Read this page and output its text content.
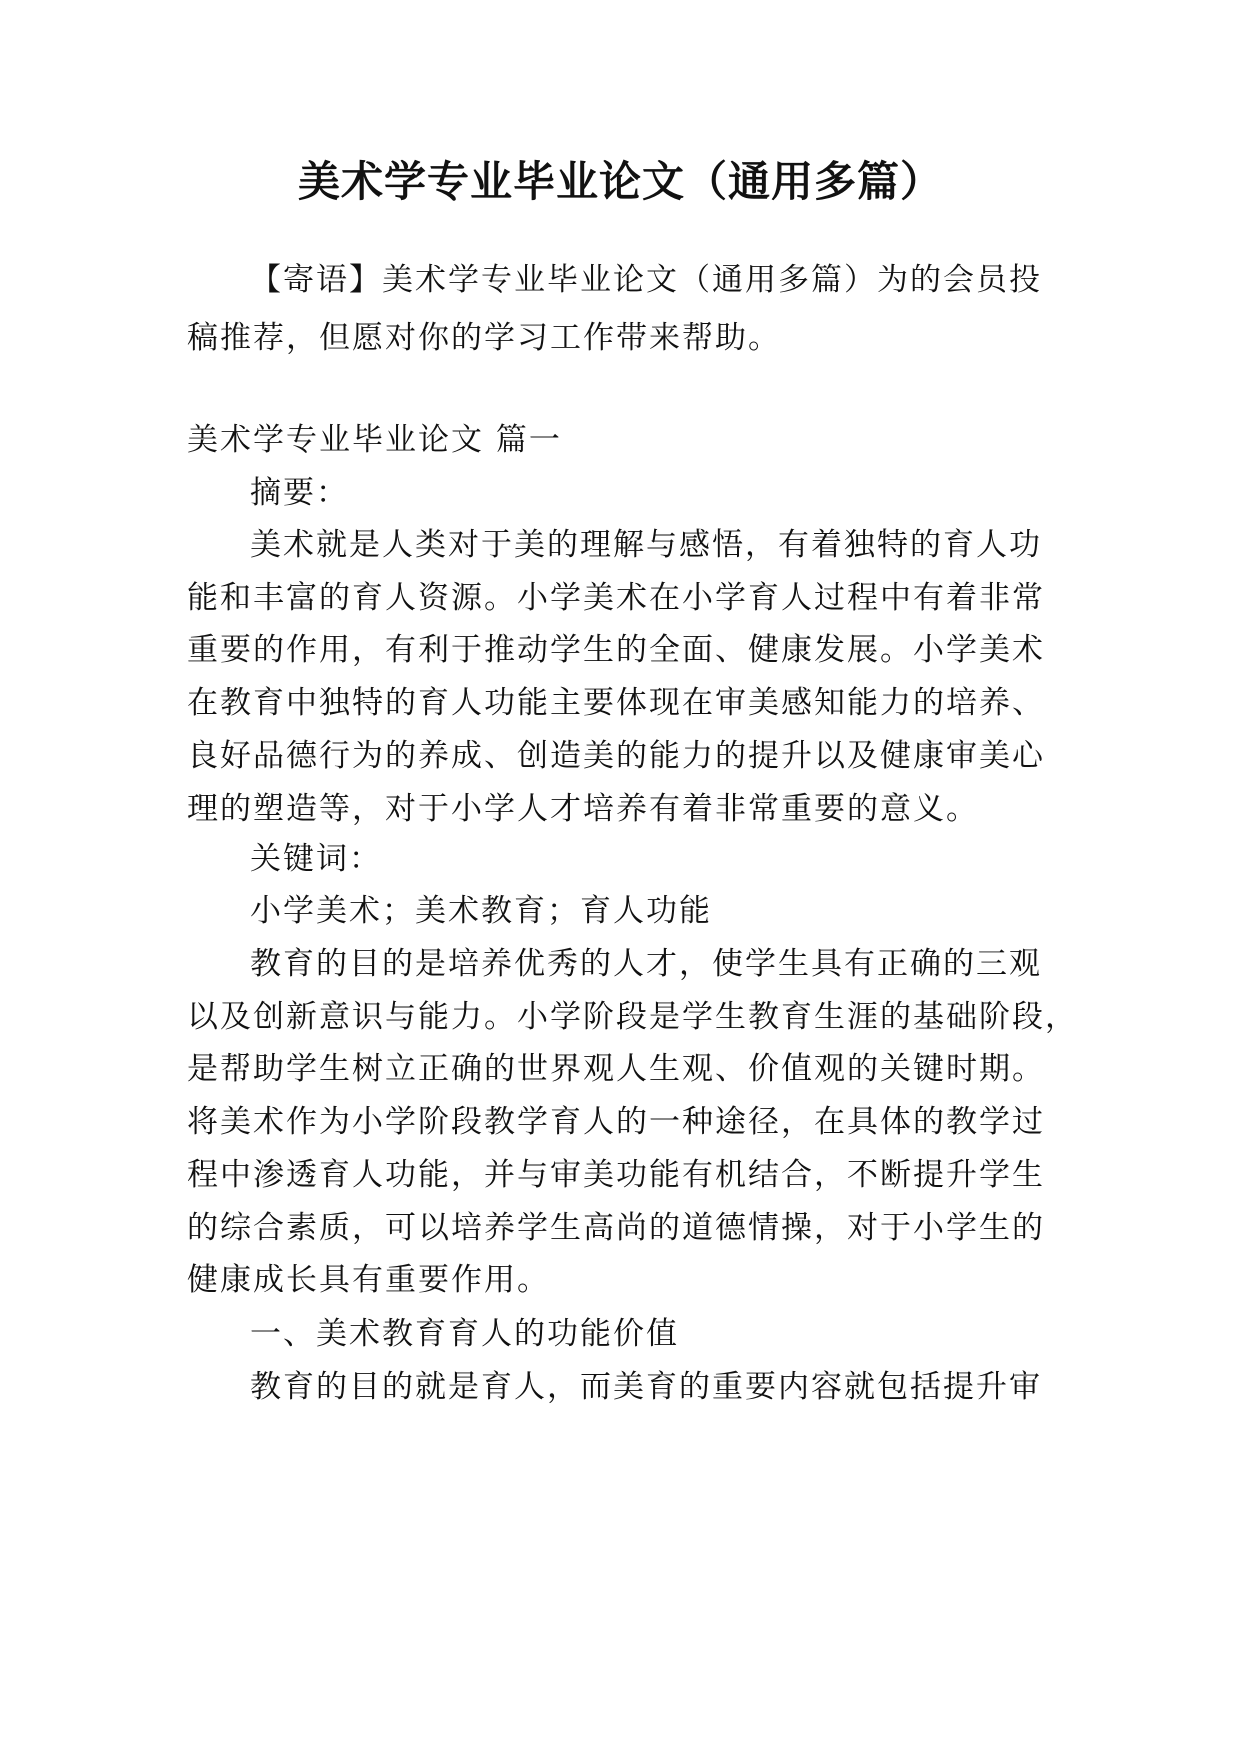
美术学专业毕业论文（通用多篇）
【寄语】美术学专业毕业论文（通用多篇）为的会员投
稿推荐，但愿对你的学习工作带来帮助。
美术学专业毕业论文 篇一
摘要：
美术就是人类对于美的理解与感悟，有着独特的育人功
能和丰富的育人资源。小学美术在小学育人过程中有着非常
重要的作用，有利于推动学生的全面、健康发展。小学美术
在教育中独特的育人功能主要体现在审美感知能力的培养、
良好品德行为的养成、创造美的能力的提升以及健康审美心
理的塑造等，对于小学人才培养有着非常重要的意义。
关键词：
小学美术；美术教育；育人功能
教育的目的是培养优秀的人才，使学生具有正确的三观
以及创新意识与能力。小学阶段是学生教育生涯的基础阶段，
是帮助学生树立正确的世界观人生观、价值观的关键时期。
将美术作为小学阶段教学育人的一种途径，在具体的教学过
程中渗透育人功能，并与审美功能有机结合，不断提升学生
的综合素质，可以培养学生高尚的道德情操，对于小学生的
健康成长具有重要作用。
一、美术教育育人的功能价值
教育的目的就是育人，而美育的重要内容就包括提升审
